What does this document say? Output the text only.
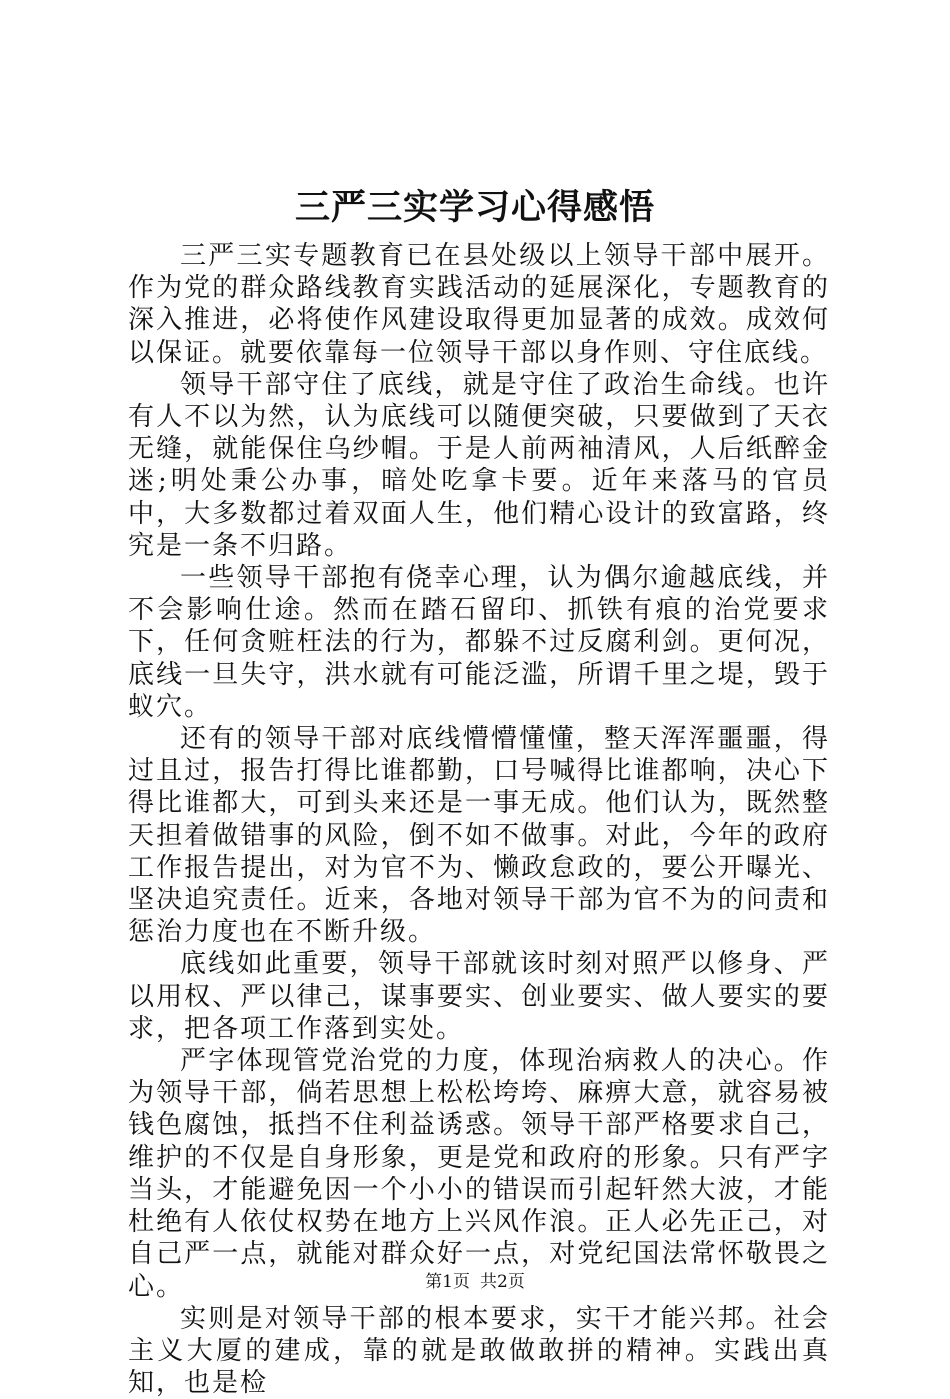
三严三实学习心得感悟

三严三实专题教育已在县处级以上领导干部中展开。作为党的群众路线教育实践活动的延展深化，专题教育的深入推进，必将使作风建设取得更加显著的成效。成效何以保证。就要依靠每一位领导干部以身作则、守住底线。

领导干部守住了底线，就是守住了政治生命线。也许有人不以为然，认为底线可以随便突破，只要做到了天衣无缝，就能保住乌纱帽。于是人前两袖清风，人后纸醉金迷;明处秉公办事，暗处吃拿卡要。近年来落马的官员中，大多数都过着双面人生，他们精心设计的致富路，终究是一条不归路。

一些领导干部抱有侥幸心理，认为偶尔逾越底线，并不会影响仕途。然而在踏石留印、抓铁有痕的治党要求下，任何贪赃枉法的行为，都躲不过反腐利剑。更何况，底线一旦失守，洪水就有可能泛滥，所谓千里之堤，毁于蚁穴。

还有的领导干部对底线懵懵懂懂，整天浑浑噩噩，得过且过，报告打得比谁都勤，口号喊得比谁都响，决心下得比谁都大，可到头来还是一事无成。他们认为，既然整天担着做错事的风险，倒不如不做事。对此，今年的政府工作报告提出，对为官不为、懒政怠政的，要公开曝光、坚决追究责任。近来，各地对领导干部为官不为的问责和惩治力度也在不断升级。

底线如此重要，领导干部就该时刻对照严以修身、严以用权、严以律己，谋事要实、创业要实、做人要实的要求，把各项工作落到实处。

严字体现管党治党的力度，体现治病救人的决心。作为领导干部，倘若思想上松松垮垮、麻痹大意，就容易被钱色腐蚀，抵挡不住利益诱惑。领导干部严格要求自己，维护的不仅是自身形象，更是党和政府的形象。只有严字当头，才能避免因一个小小的错误而引起轩然大波，才能杜绝有人依仗权势在地方上兴风作浪。正人必先正己，对自己严一点，就能对群众好一点，对党纪国法常怀敬畏之心。

实则是对领导干部的根本要求，实干才能兴邦。社会主义大厦的建成，靠的就是敢做敢拼的精神。实践出真知，也是检

第1页 共2页
